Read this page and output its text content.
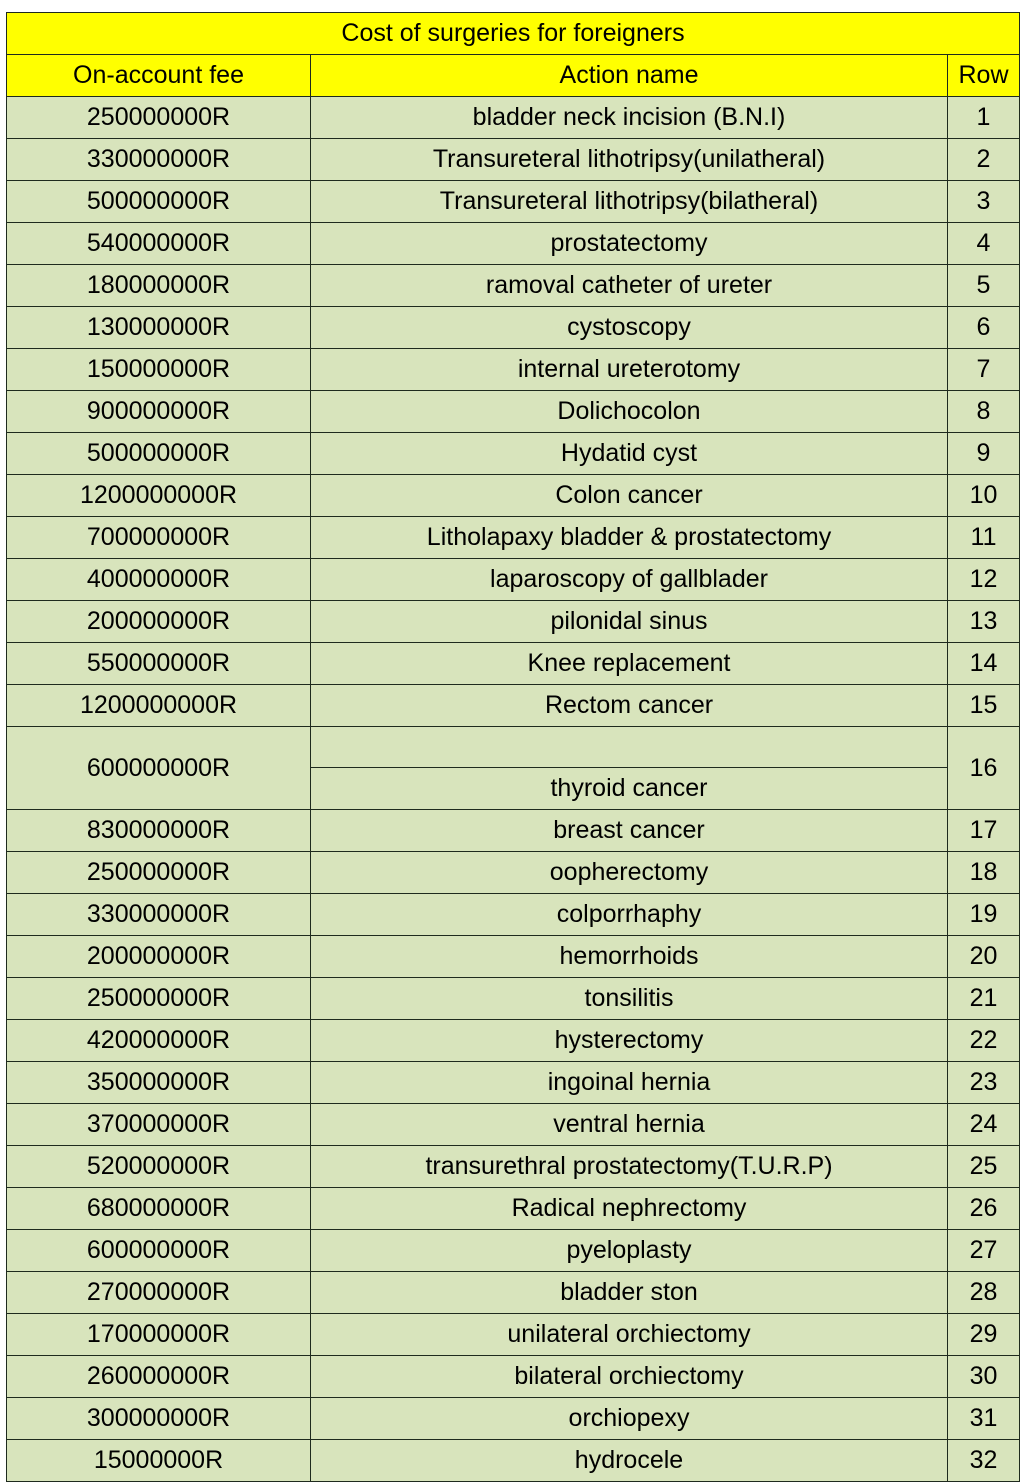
Cost of surgeries for foreigners		
On-account fee	Action name	Row
250000000R	bladder neck incision (B.N.I)	1
330000000R	Transureteral lithotripsy(unilatheral)	2
500000000R	Transureteral lithotripsy(bilatheral)	3
540000000R	prostatectomy	4
180000000R	ramoval catheter of ureter	5
130000000R	cystoscopy	6
150000000R	internal ureterotomy	7
900000000R	Dolichocolon	8
500000000R	Hydatid cyst	9
1200000000R	Colon cancer	10
700000000R	Litholapaxy bladder & prostatectomy	11
400000000R	laparoscopy of gallblader	12
200000000R	pilonidal sinus	13
550000000R	Knee replacement	14
1200000000R	Rectom cancer	15
600000000R		16
	thyroid cancer	
830000000R	breast cancer	17
250000000R	oopherectomy	18
330000000R	colporrhaphy	19
200000000R	hemorrhoids	20
250000000R	tonsilitis	21
420000000R	hysterectomy	22
350000000R	ingoinal hernia	23
370000000R	ventral hernia	24
520000000R	transurethral prostatectomy(T.U.R.P)	25
680000000R	Radical nephrectomy	26
600000000R	pyeloplasty	27
270000000R	bladder ston	28
170000000R	unilateral orchiectomy	29
260000000R	bilateral orchiectomy	30
300000000R	orchiopexy	31
15000000R	hydrocele	32
